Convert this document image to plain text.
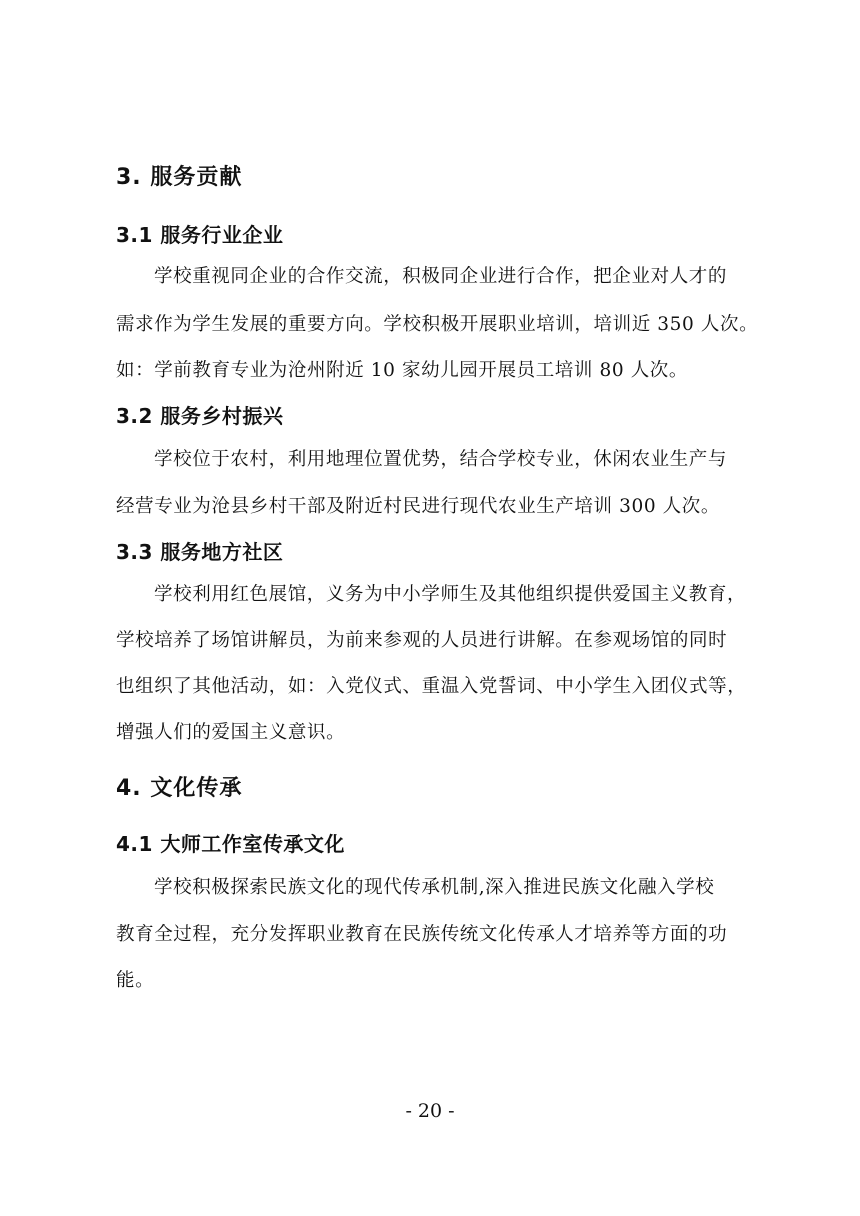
3. 服务贡献
3.1 服务行业企业
学校重视同企业的合作交流，积极同企业进行合作，把企业对人才的
需求作为学生发展的重要方向。学校积极开展职业培训，培训近 350 人次。
如：学前教育专业为沧州附近 10 家幼儿园开展员工培训 80 人次。
3.2 服务乡村振兴
学校位于农村，利用地理位置优势，结合学校专业，休闲农业生产与
经营专业为沧县乡村干部及附近村民进行现代农业生产培训 300 人次。
3.3 服务地方社区
学校利用红色展馆，义务为中小学师生及其他组织提供爱国主义教育，
学校培养了场馆讲解员，为前来参观的人员进行讲解。在参观场馆的同时
也组织了其他活动，如：入党仪式、重温入党誓词、中小学生入团仪式等，
增强人们的爱国主义意识。
4. 文化传承
4.1 大师工作室传承文化
学校积极探索民族文化的现代传承机制,深入推进民族文化融入学校
教育全过程，充分发挥职业教育在民族传统文化传承人才培养等方面的功
能。
- 20 -
